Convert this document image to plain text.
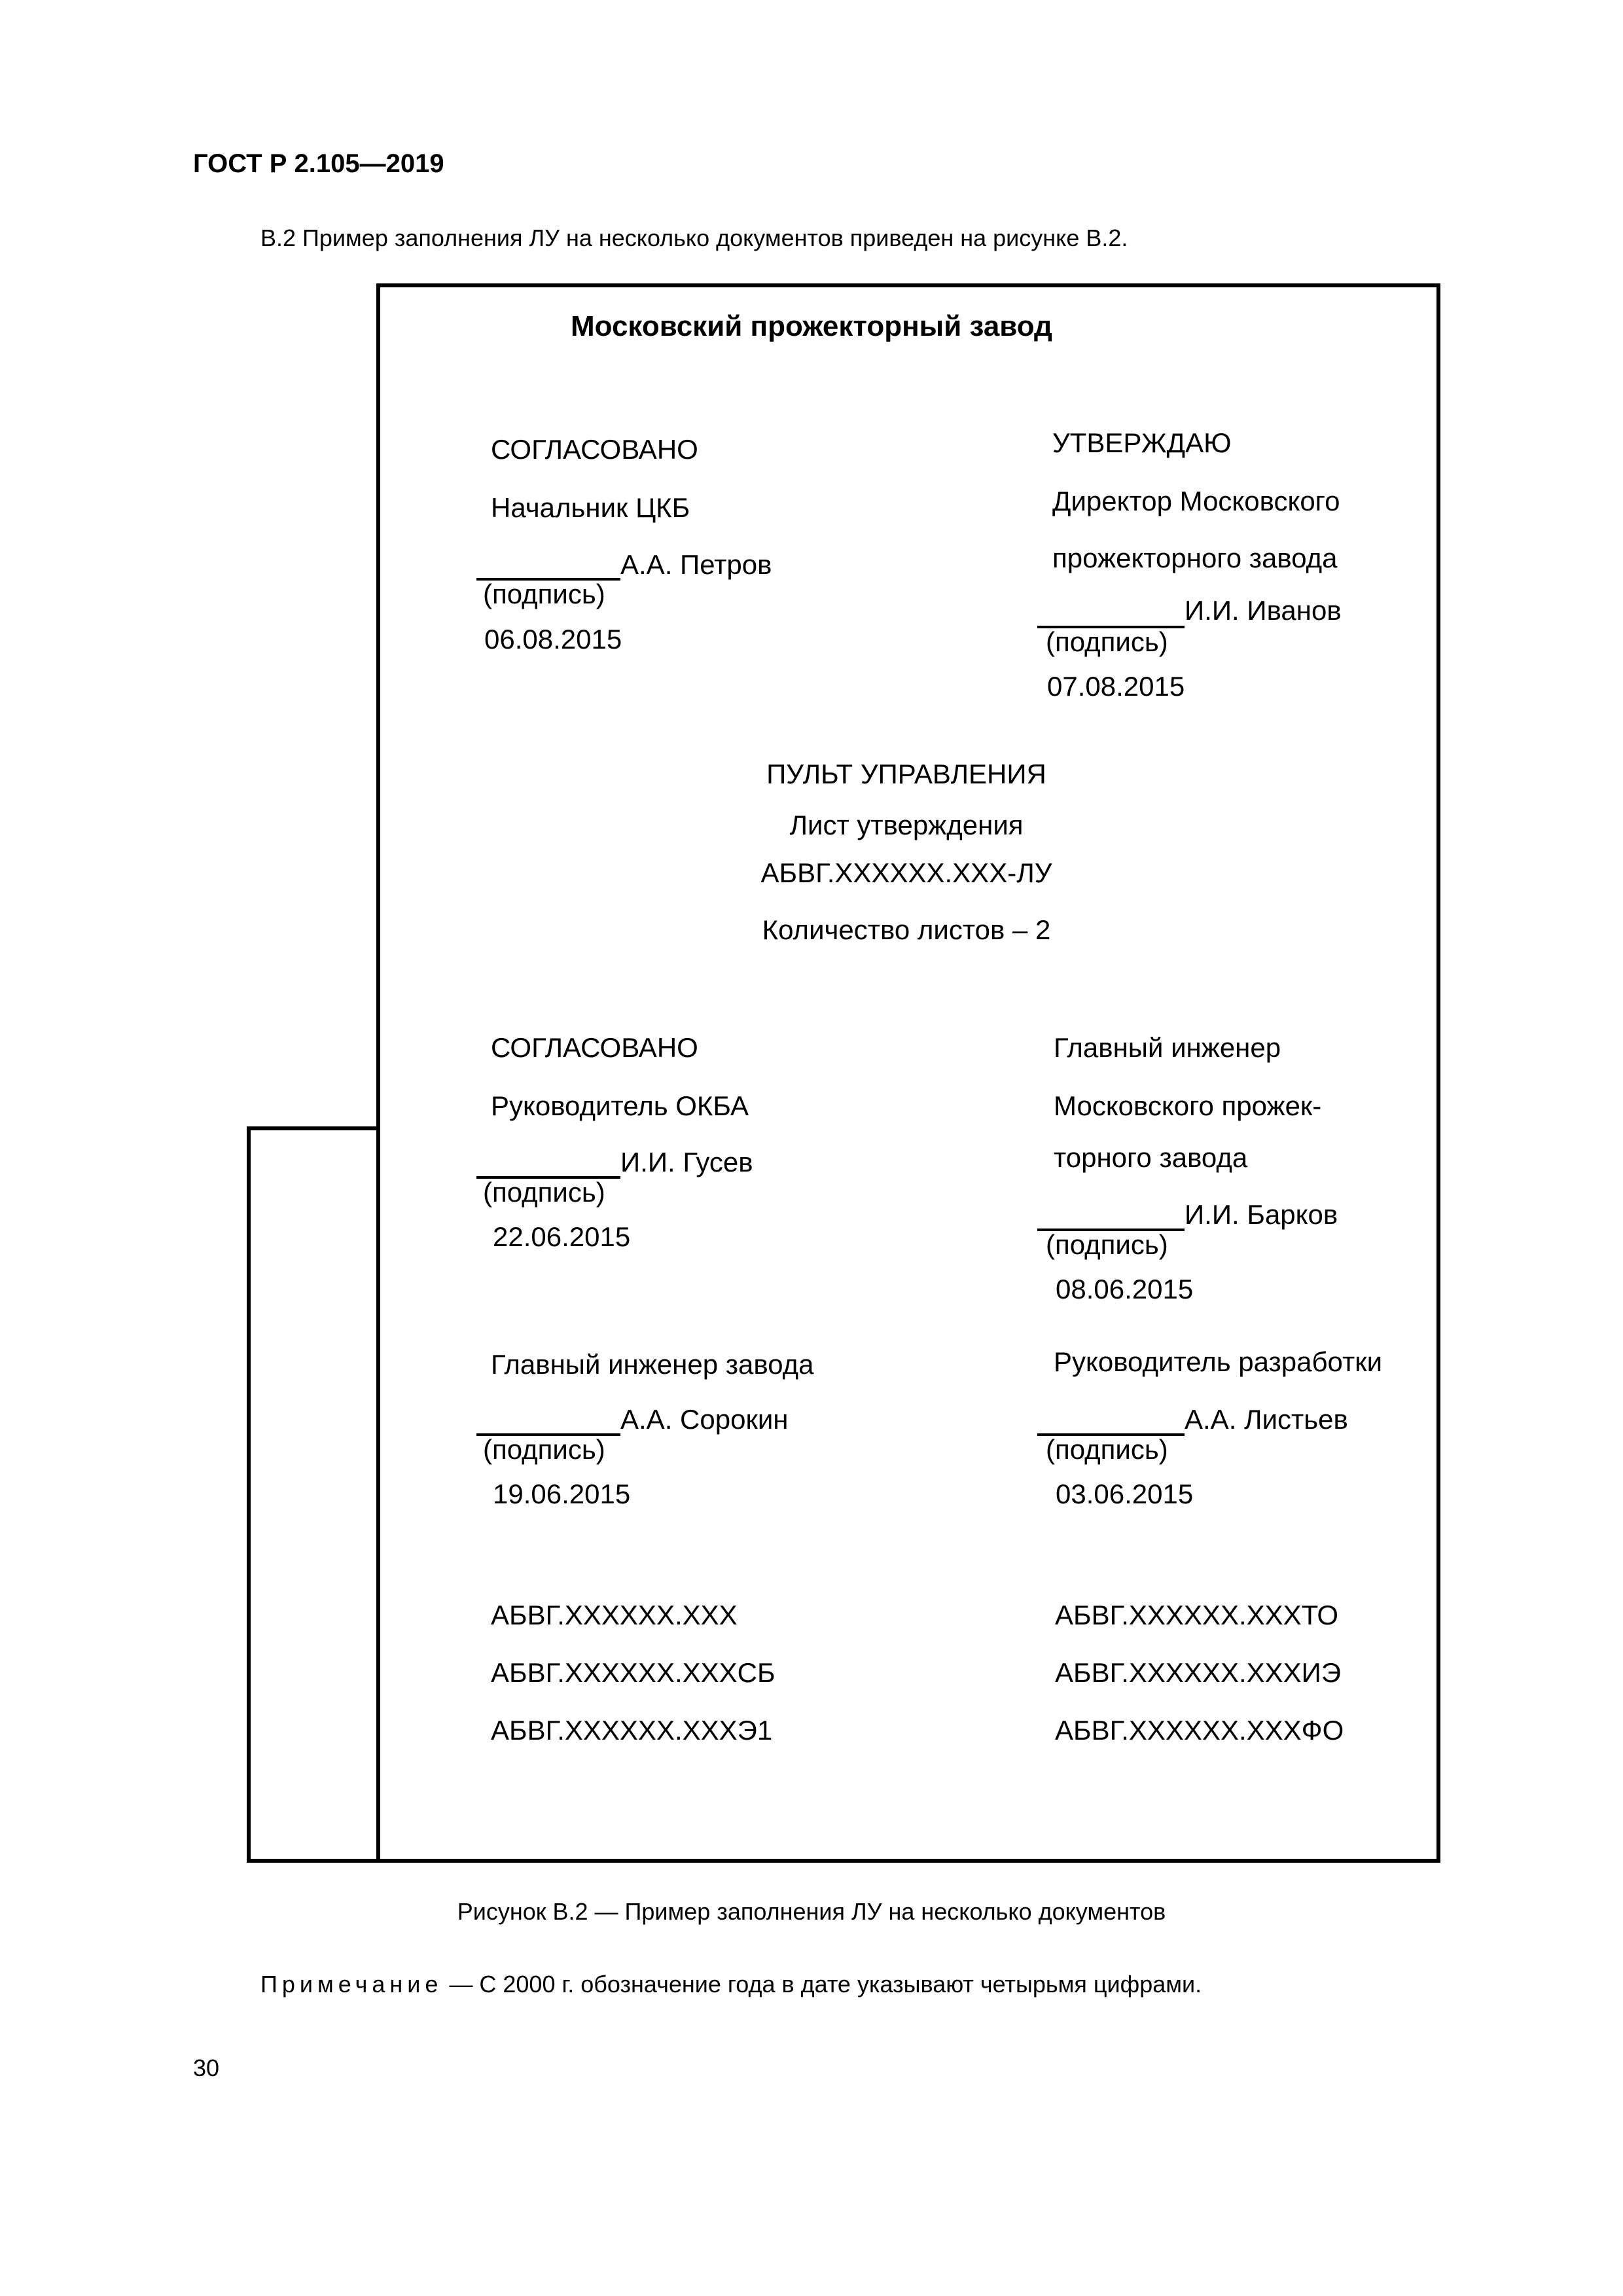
ГОСТ Р 2.105—2019
В.2 Пример заполнения ЛУ на несколько документов приведен на рисунке В.2.
Московский прожекторный завод
СОГЛАСОВАНО
Начальник ЦКБ
А.А. Петров
(подпись)
06.08.2015
УТВЕРЖДАЮ
Директор Московского
прожекторного завода
И.И. Иванов
(подпись)
07.08.2015
ПУЛЬТ УПРАВЛЕНИЯ
Лист утверждения
АБВГ.XXXXXX.XXX-ЛУ
Количество листов – 2
СОГЛАСОВАНО
Руководитель ОКБА
И.И. Гусев
(подпись)
22.06.2015
Главный инженер
Московского прожек-
торного завода
И.И. Барков
(подпись)
08.06.2015
Главный инженер завода
А.А. Сорокин
(подпись)
19.06.2015
Руководитель разработки
А.А. Листьев
(подпись)
03.06.2015
АБВГ.XXXXXX.XXX
АБВГ.XXXXXX.XXXСБ
АБВГ.XXXXXX.XXXЭ1
АБВГ.XXXXXX.XXXТО
АБВГ.XXXXXX.XXXИЭ
АБВГ.XXXXXX.XXXФО
Рисунок В.2 — Пример заполнения ЛУ на несколько документов
Примечание — С 2000 г. обозначение года в дате указывают четырьмя цифрами.
30
